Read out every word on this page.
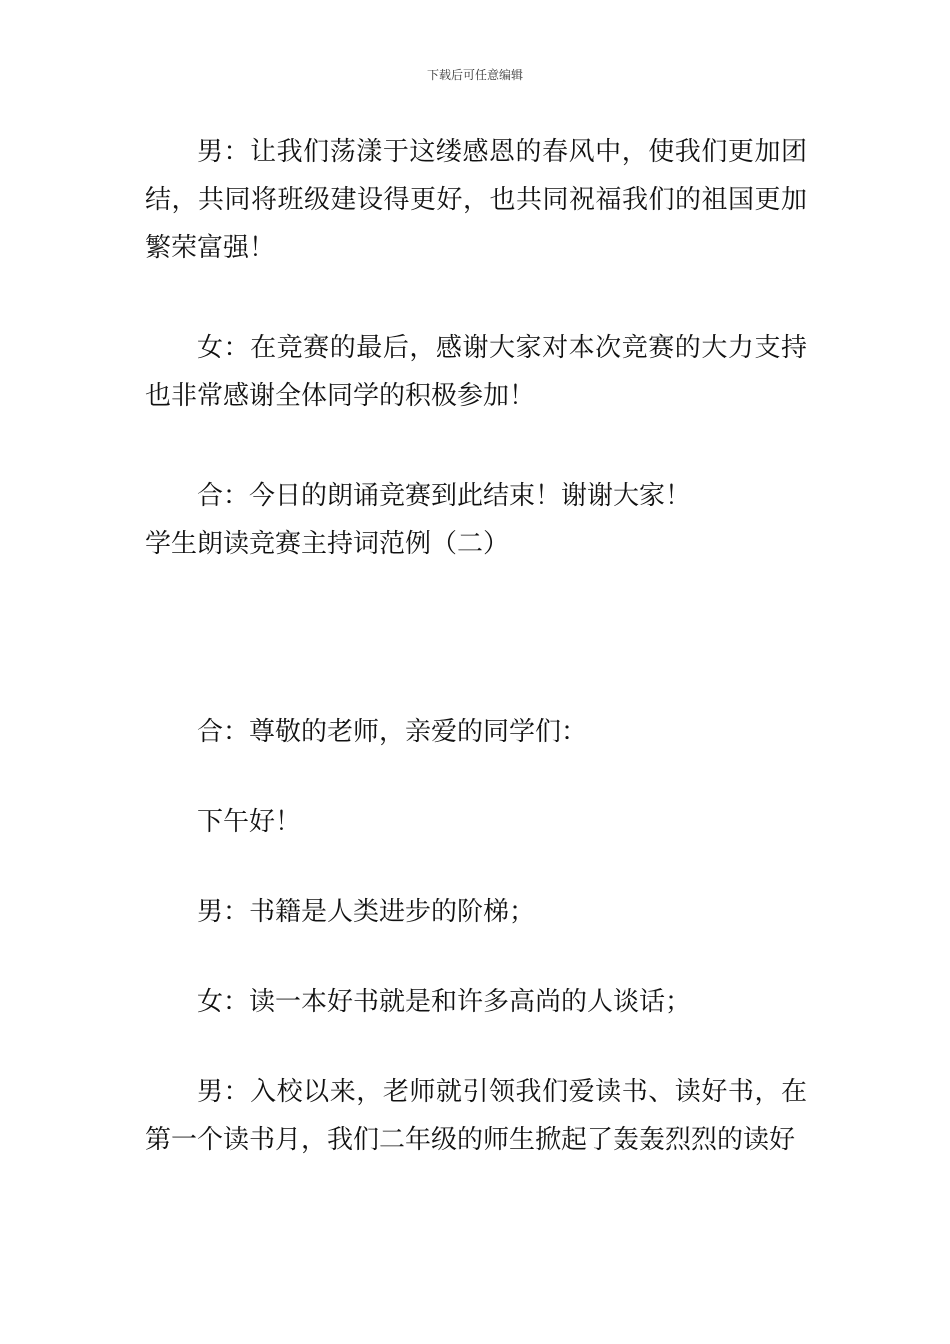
下载后可任意编辑

男：让我们荡漾于这缕感恩的春风中，使我们更加团结，共同将班级建设得更好，也共同祝福我们的祖国更加繁荣富强！

女：在竞赛的最后，感谢大家对本次竞赛的大力支持也非常感谢全体同学的积极参加！

合：今日的朗诵竞赛到此结束！谢谢大家！

学生朗读竞赛主持词范例（二）

合：尊敬的老师，亲爱的同学们：

下午好！

男：书籍是人类进步的阶梯；

女：读一本好书就是和许多高尚的人谈话；

男：入校以来，老师就引领我们爱读书、读好书，在第一个读书月，我们二年级的师生掀起了轰轰烈烈的读好
